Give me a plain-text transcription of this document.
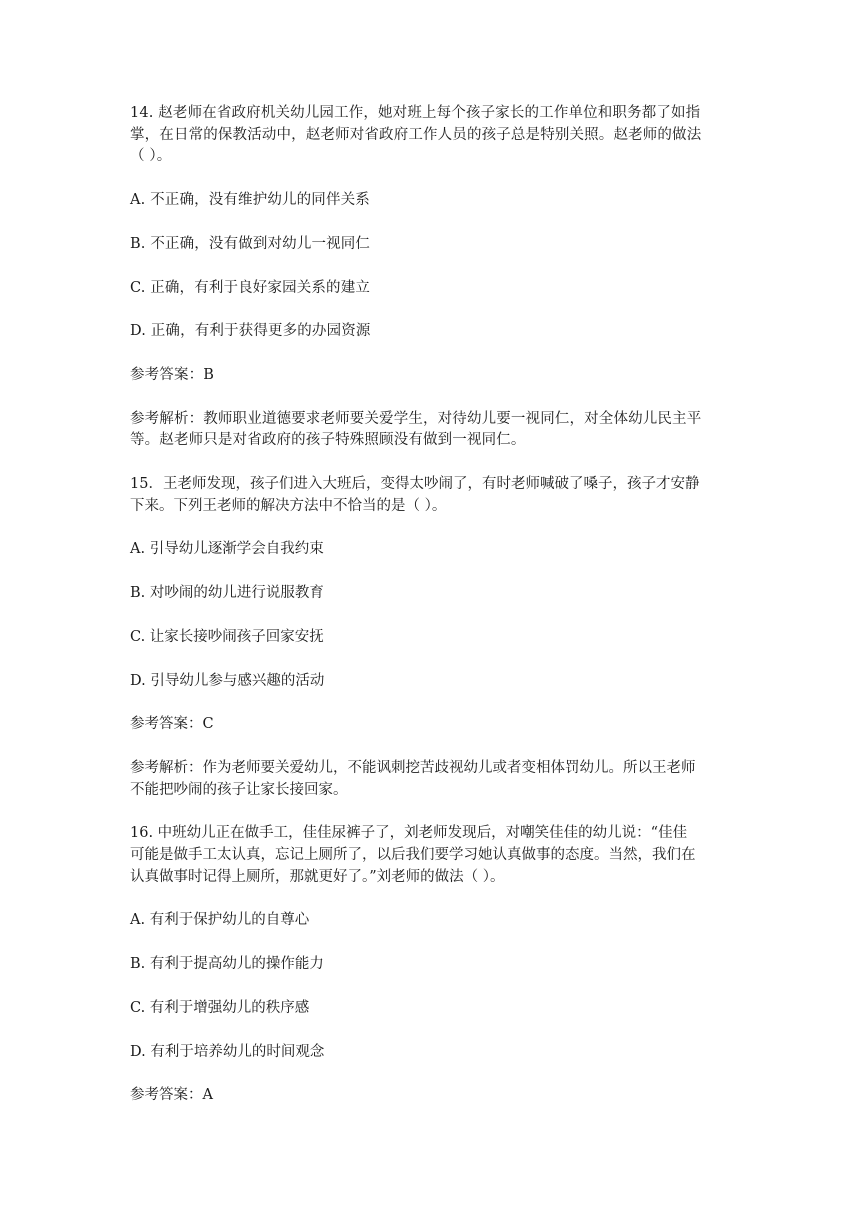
14. 赵老师在省政府机关幼儿园工作，她对班上每个孩子家长的工作单位和职务都了如指

掌，在日常的保教活动中，赵老师对省政府工作人员的孩子总是特别关照。赵老师的做法

（ ）。

A. 不正确，没有维护幼儿的同伴关系

B. 不正确，没有做到对幼儿一视同仁

C. 正确，有利于良好家园关系的建立

D. 正确，有利于获得更多的办园资源

参考答案：B

参考解析：教师职业道德要求老师要关爱学生，对待幼儿要一视同仁，对全体幼儿民主平

等。赵老师只是对省政府的孩子特殊照顾没有做到一视同仁。

15．王老师发现，孩子们进入大班后，变得太吵闹了，有时老师喊破了嗓子，孩子才安静

下来。下列王老师的解决方法中不恰当的是（ ）。

A. 引导幼儿逐渐学会自我约束

B. 对吵闹的幼儿进行说服教育

C. 让家长接吵闹孩子回家安抚

D. 引导幼儿参与感兴趣的活动

参考答案：C

参考解析：作为老师要关爱幼儿，不能讽刺挖苦歧视幼儿或者变相体罚幼儿。所以王老师

不能把吵闹的孩子让家长接回家。

16. 中班幼儿正在做手工，佳佳尿裤子了，刘老师发现后，对嘲笑佳佳的幼儿说：“佳佳

可能是做手工太认真，忘记上厕所了，以后我们要学习她认真做事的态度。当然，我们在

认真做事时记得上厕所，那就更好了。”刘老师的做法（ ）。

A. 有利于保护幼儿的自尊心

B. 有利于提高幼儿的操作能力

C. 有利于增强幼儿的秩序感

D. 有利于培养幼儿的时间观念

参考答案：A
